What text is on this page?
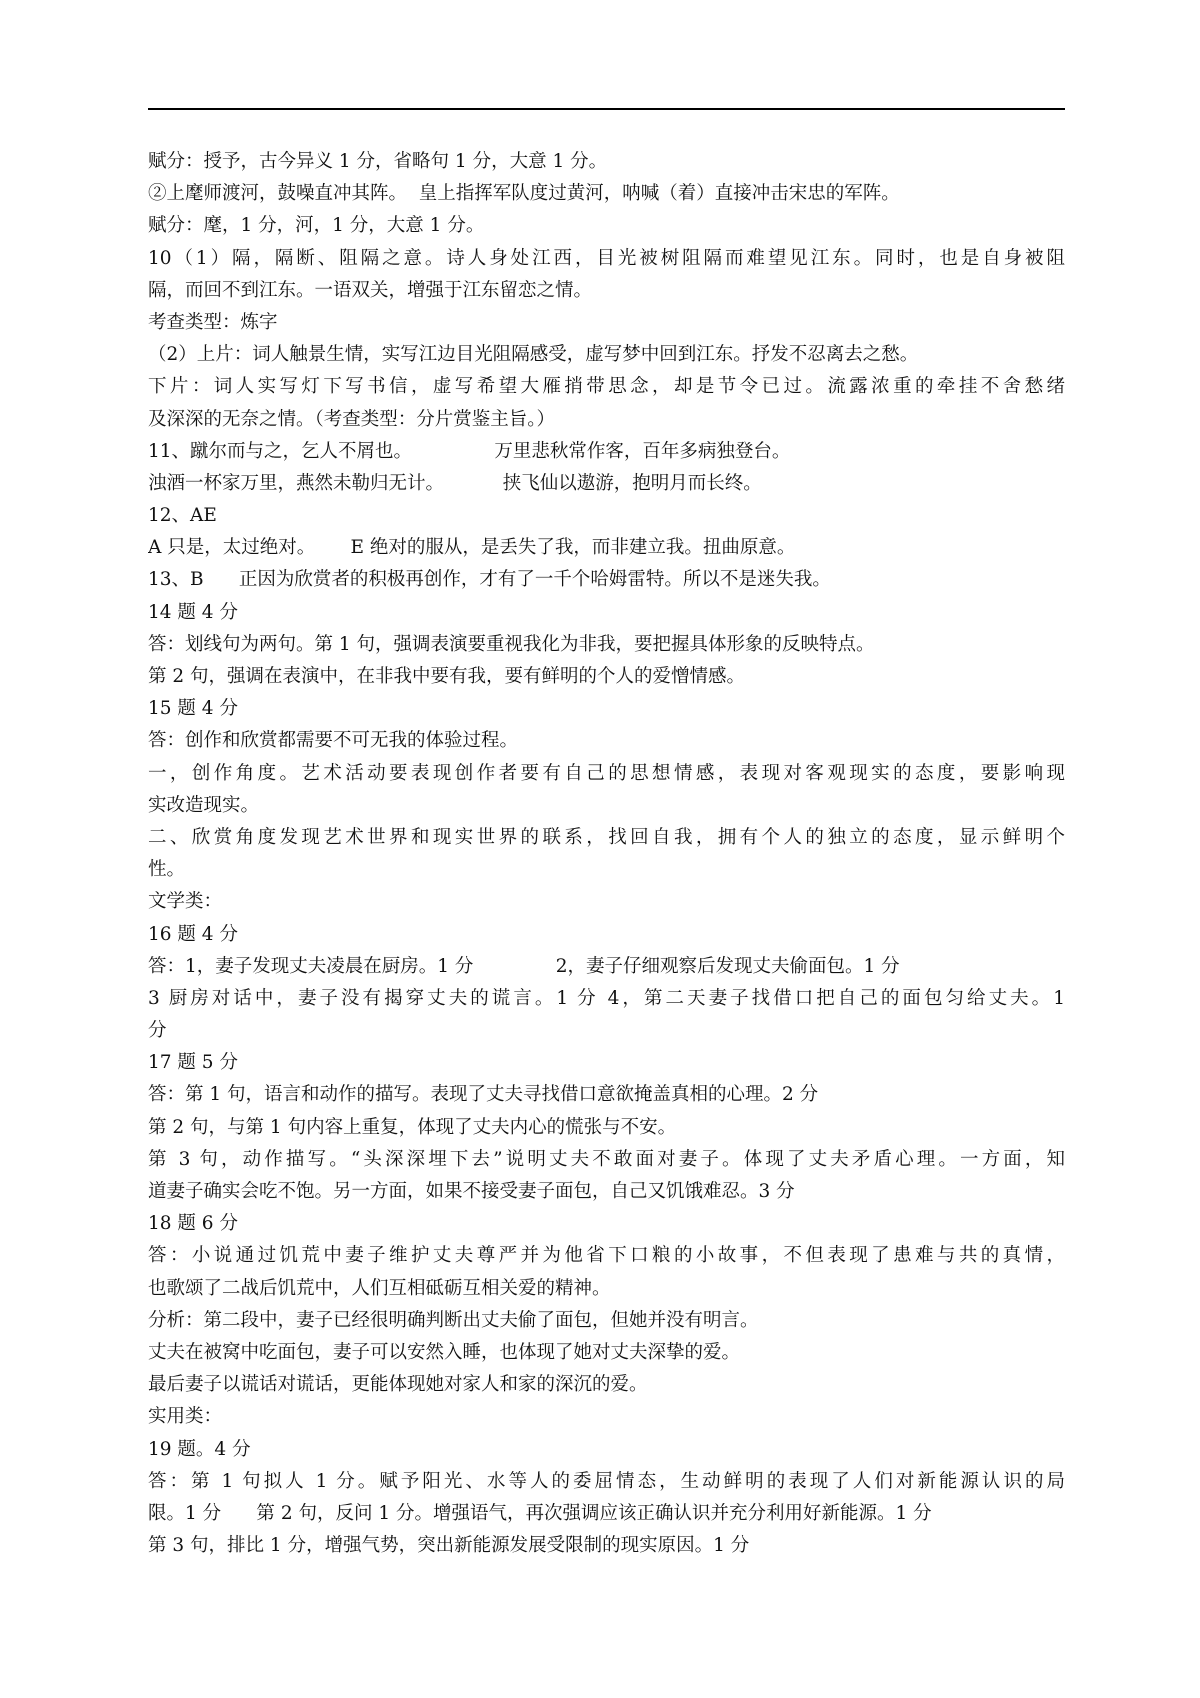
赋分：授予，古今异义 1 分，省略句 1 分，大意 1 分。
②上麾师渡河，鼓噪直冲其阵。  皇上指挥军队度过黄河，呐喊（着）直接冲击宋忠的军阵。
赋分：麾，1 分，河，1 分，大意 1 分。
10（1）隔，隔断、阻隔之意。诗人身处江西，目光被树阻隔而难望见江东。同时，也是自身被阻
隔，而回不到江东。一语双关，增强于江东留恋之情。
考查类型：炼字
（2）上片：词人触景生情，实写江边目光阻隔感受，虚写梦中回到江东。抒发不忍离去之愁。
下片：词人实写灯下写书信，虚写希望大雁捎带思念，却是节令已过。流露浓重的牵挂不舍愁绪
及深深的无奈之情。（考查类型：分片赏鉴主旨。）
11、蹴尔而与之，乞人不屑也。              万里悲秋常作客，百年多病独登台。
浊酒一杯家万里，燕然未勒归无计。          挟飞仙以遨游，抱明月而长终。
12、AE
A 只是，太过绝对。      E 绝对的服从，是丢失了我，而非建立我。扭曲原意。
13、B      正因为欣赏者的积极再创作，才有了一千个哈姆雷特。所以不是迷失我。
14 题 4 分
答：划线句为两句。第 1 句，强调表演要重视我化为非我，要把握具体形象的反映特点。
第 2 句，强调在表演中，在非我中要有我，要有鲜明的个人的爱憎情感。
15 题 4 分
答：创作和欣赏都需要不可无我的体验过程。
一，创作角度。艺术活动要表现创作者要有自己的思想情感，表现对客观现实的态度，要影响现
实改造现实。
二、欣赏角度发现艺术世界和现实世界的联系，找回自我，拥有个人的独立的态度，显示鲜明个
性。
文学类：
16 题 4 分
答：1，妻子发现丈夫凌晨在厨房。1 分              2，妻子仔细观察后发现丈夫偷面包。1 分
3 厨房对话中，妻子没有揭穿丈夫的谎言。1 分 4，第二天妻子找借口把自己的面包匀给丈夫。1
分
17 题 5 分
答：第 1 句，语言和动作的描写。表现了丈夫寻找借口意欲掩盖真相的心理。2 分
第 2 句，与第 1 句内容上重复，体现了丈夫内心的慌张与不安。
第 3 句，动作描写。“头深深埋下去”说明丈夫不敢面对妻子。体现了丈夫矛盾心理。一方面，知
道妻子确实会吃不饱。另一方面，如果不接受妻子面包，自己又饥饿难忍。3 分
18 题 6 分
答：小说通过饥荒中妻子维护丈夫尊严并为他省下口粮的小故事，不但表现了患难与共的真情，
也歌颂了二战后饥荒中，人们互相砥砺互相关爱的精神。
分析：第二段中，妻子已经很明确判断出丈夫偷了面包，但她并没有明言。
丈夫在被窝中吃面包，妻子可以安然入睡，也体现了她对丈夫深挚的爱。
最后妻子以谎话对谎话，更能体现她对家人和家的深沉的爱。
实用类：
19 题。4 分
答：第 1 句拟人 1 分。赋予阳光、水等人的委屈情态，生动鲜明的表现了人们对新能源认识的局
限。1 分      第 2 句，反问 1 分。增强语气，再次强调应该正确认识并充分利用好新能源。1 分
第 3 句，排比 1 分，增强气势，突出新能源发展受限制的现实原因。1 分
